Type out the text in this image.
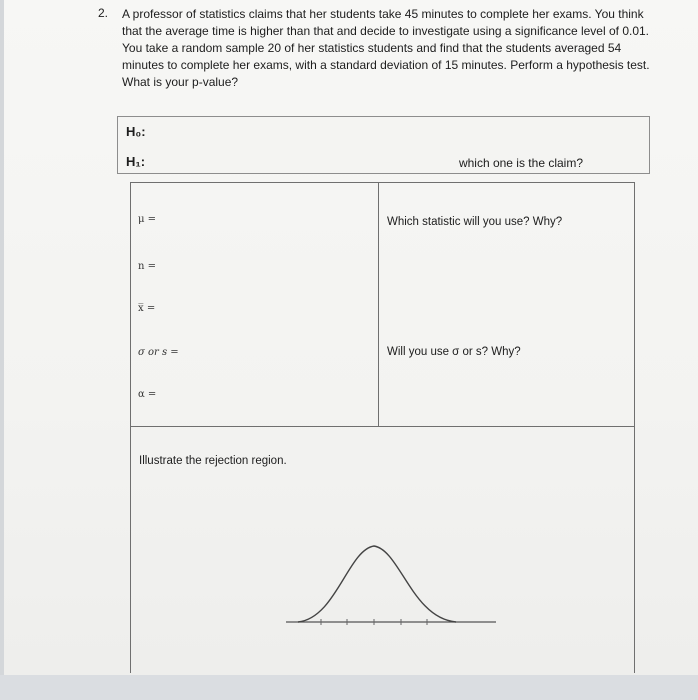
2. A professor of statistics claims that her students take 45 minutes to complete her exams. You think that the average time is higher than that and decide to investigate using a significance level of 0.01. You take a random sample 20 of her statistics students and find that the students averaged 54 minutes to complete her exams, with a standard deviation of 15 minutes. Perform a hypothesis test. What is your p-value?
H₀:
H₁:	which one is the claim?
μ =
n =
x̅ =
σ or s =
α =
Which statistic will you use? Why?
Will you use σ or s? Why?
Illustrate the rejection region.
